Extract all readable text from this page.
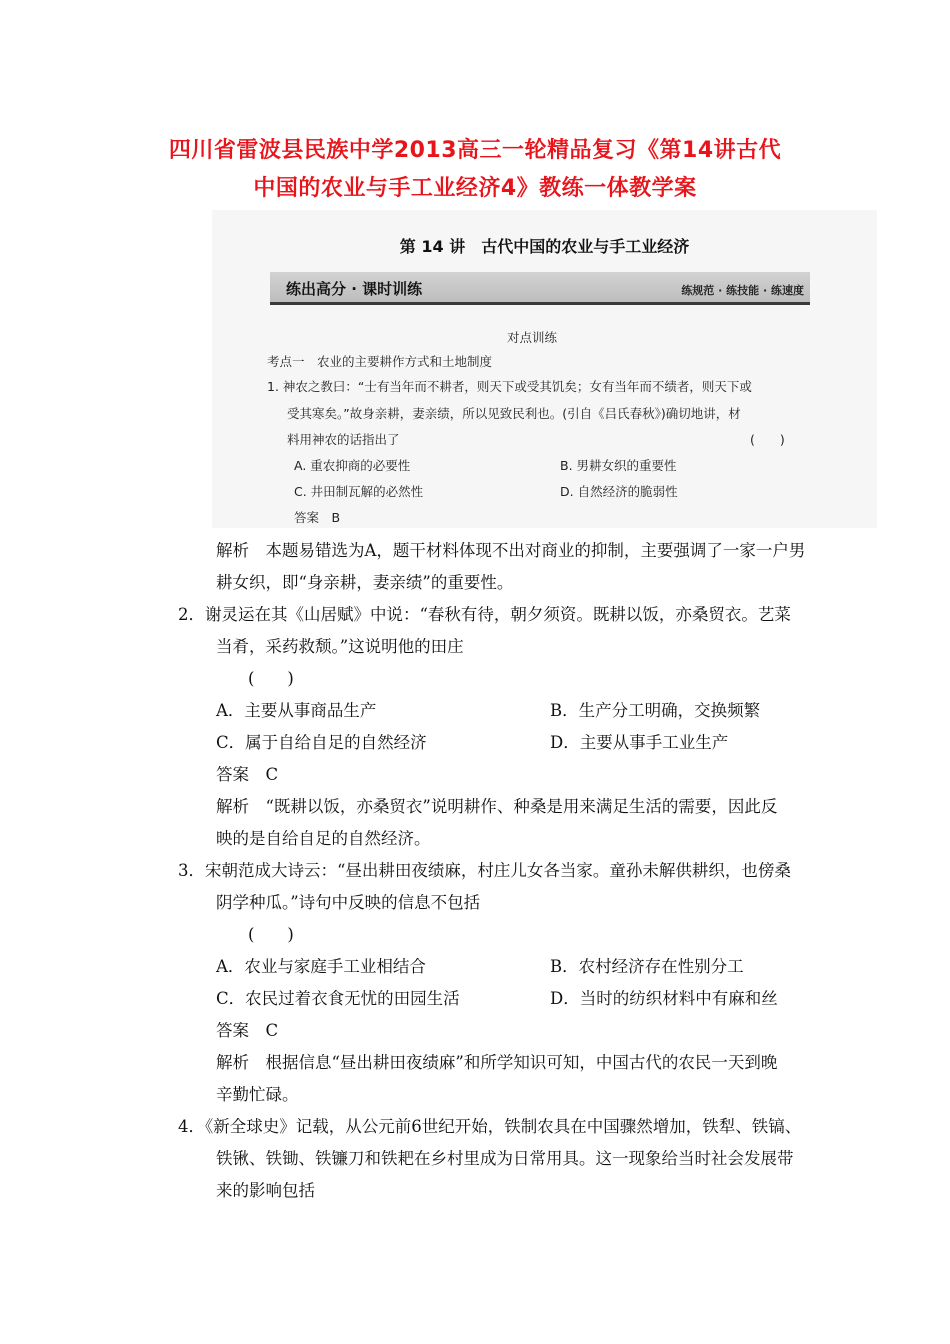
四川省雷波县民族中学2013高三一轮精品复习《第14讲古代
中国的农业与手工业经济4》教练一体教学案
第 14 讲　古代中国的农业与手工业经济
练出高分 · 课时训练	练规范 · 练技能 · 练速度
对点训练
考点一　农业的主要耕作方式和土地制度
1. 神农之教曰：“士有当年而不耕者，则天下或受其饥矣；女有当年而不绩者，则天下或
受其寒矣。”故身亲耕，妻亲绩，所以见致民利也。(引自《吕氏春秋》)确切地讲，材
料用神农的话指出了	(　　)
A. 重农抑商的必要性	B. 男耕女织的重要性
C. 井田制瓦解的必然性	D. 自然经济的脆弱性
答案　B
解析　本题易错选为A，题干材料体现不出对商业的抑制，主要强调了一家一户男
耕女织，即“身亲耕，妻亲绩”的重要性。
2．谢灵运在其《山居赋》中说：“春秋有待，朝夕须资。既耕以饭，亦桑贸衣。艺菜
当肴，采药救颓。”这说明他的田庄
(　　)
A．主要从事商品生产	B．生产分工明确，交换频繁
C．属于自给自足的自然经济	D．主要从事手工业生产
答案　C
解析　“既耕以饭，亦桑贸衣”说明耕作、种桑是用来满足生活的需要，因此反
映的是自给自足的自然经济。
3．宋朝范成大诗云：“昼出耕田夜绩麻，村庄儿女各当家。童孙未解供耕织，也傍桑
阴学种瓜。”诗句中反映的信息不包括
(　　)
A．农业与家庭手工业相结合	B．农村经济存在性别分工
C．农民过着衣食无忧的田园生活	D．当时的纺织材料中有麻和丝
答案　C
解析　根据信息“昼出耕田夜绩麻”和所学知识可知，中国古代的农民一天到晚
辛勤忙碌。
4．《新全球史》记载，从公元前6世纪开始，铁制农具在中国骤然增加，铁犁、铁镐、
铁锹、铁锄、铁镰刀和铁耙在乡村里成为日常用具。这一现象给当时社会发展带
来的影响包括
